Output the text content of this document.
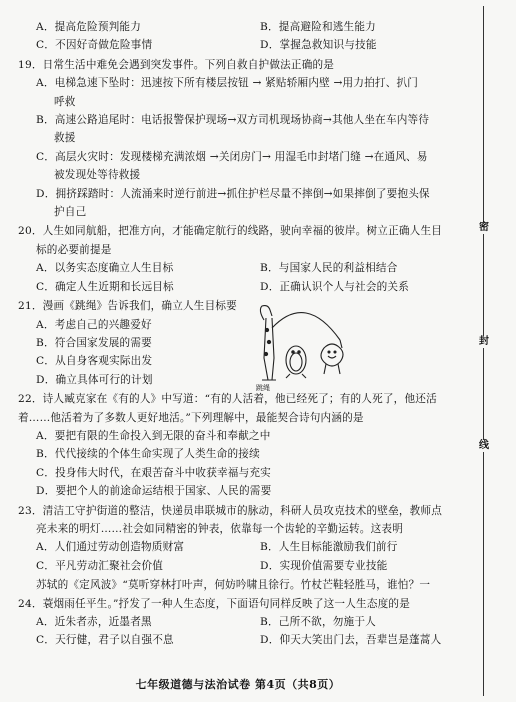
密
封
线
A．提高危险预判能力	B．提高避险和逃生能力
C．不因好奇做危险事情	D．掌握急救知识与技能
19．日常生活中难免会遇到突发事件。下列自救自护做法正确的是
A．电梯急速下坠时：迅速按下所有楼层按钮 → 紧贴轿厢内壁 →用力拍打、扒门
呼救
B．高速公路追尾时：电话报警保护现场→双方司机现场协商→其他人坐在车内等待
救援
C．高层火灾时：发现楼梯充满浓烟 →关闭房门→ 用湿毛巾封堵门缝 →在通风、易
被发现处等待救援
D．拥挤踩踏时：人流涌来时逆行前进→抓住护栏尽量不摔倒→如果摔倒了要抱头保
护自己
20．人生如同航船，把准方向，才能确定航行的线路，驶向幸福的彼岸。树立正确人生目
标的必要前提是
A．以务实态度确立人生目标	B．与国家人民的利益相结合
C．确定人生近期和长远目标	D．正确认识个人与社会的关系
21．漫画《跳绳》告诉我们，确立人生目标要
A．考虑自己的兴趣爱好
B．符合国家发展的需要
C．从自身客观实际出发
D．确立具体可行的计划
22．诗人臧克家在《有的人》中写道：“有的人活着，他已经死了；有的人死了，他还活
着……他活着为了多数人更好地活。”下列理解中，最能契合诗句内涵的是
A．要把有限的生命投入到无限的奋斗和奉献之中
B．代代接续的个体生命实现了人类生命的接续
C．投身伟大时代，在艰苦奋斗中收获幸福与充实
D．要把个人的前途命运结根于国家、人民的需要
23．清洁工守护街道的整洁，快递员串联城市的脉动，科研人员攻克技术的壁垒，教师点
亮未来的明灯……社会如同精密的钟表，依靠每一个齿轮的辛勤运转。这表明
A．人们通过劳动创造物质财富	B．人生目标能激励我们前行
C．平凡劳动汇聚社会价值	D．实现价值需要专业技能
苏轼的《定风波》“莫听穿林打叶声，何妨吟啸且徐行。竹杖芒鞋轻胜马，谁怕？一
24．蓑烟雨任平生。”抒发了一种人生态度，下面语句同样反映了这一人生态度的是
A．近朱者赤，近墨者黑	B．己所不欲，勿施于人
C．天行健，君子以自强不息	D．仰天大笑出门去，吾辈岂是蓬蒿人
跳绳
七年级道德与法治试卷 第4页（共8页）
